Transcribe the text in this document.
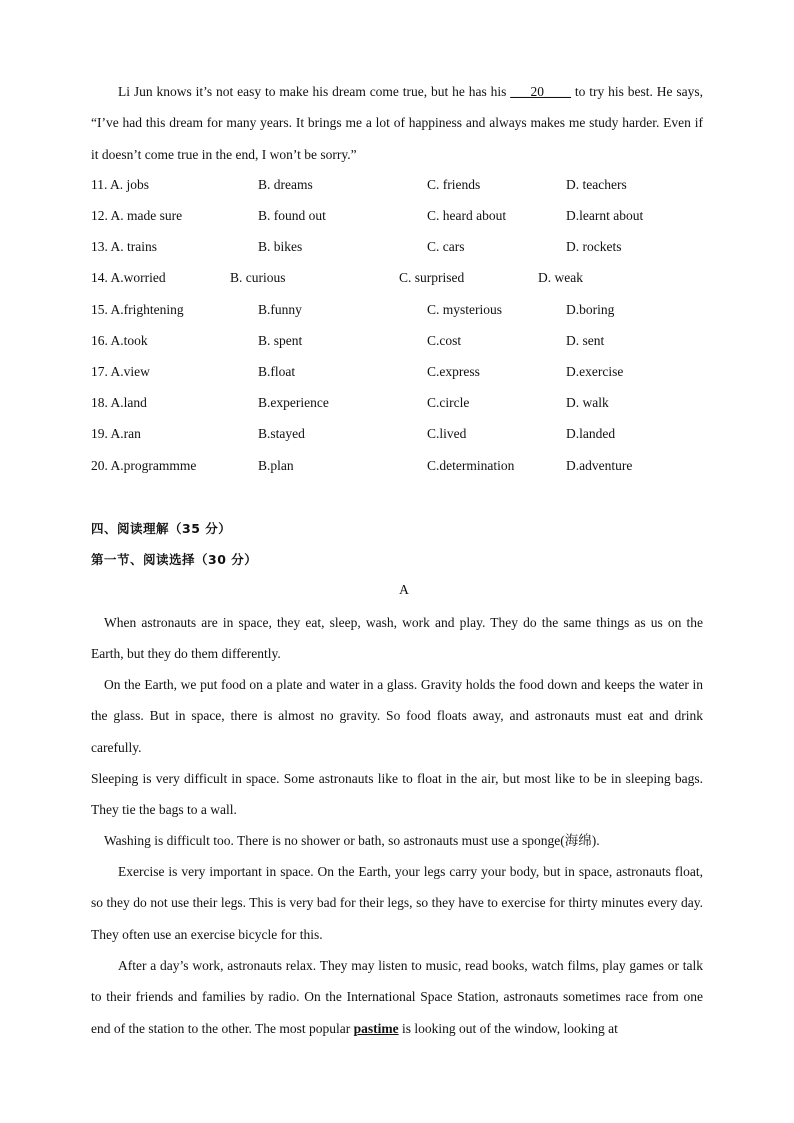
Li Jun knows it’s not easy to make his dream come true, but he has his ___20____ to try his best. He says, “I’ve had this dream for many years. It brings me a lot of happiness and always makes me study harder. Even if it doesn’t come true in the end, I won’t be sorry.”

11. A. jobs	B. dreams	C. friends	D. teachers
12. A. made sure	B. found out	C. heard about	D.learnt about
13. A. trains	B. bikes	C. cars	D. rockets
14. A.worried	B. curious	C. surprised	D. weak
15. A.frightening	B.funny	C. mysterious	D.boring
16. A.took	B. spent	C.cost	D. sent
17. A.view	B.float	C.express	D.exercise
18. A.land	B.experience	C.circle	D. walk
19. A.ran	B.stayed	C.lived	D.landed
20. A.programmme	B.plan	C.determination	D.adventure
四、阅读理解（35 分）
第一节、阅读选择（30 分）
A

When astronauts are in space, they eat, sleep, wash, work and play. They do the same things as us on the Earth, but they do them differently.

On the Earth, we put food on a plate and water in a glass. Gravity holds the food down and keeps the water in the glass. But in space, there is almost no gravity. So food floats away, and astronauts must eat and drink carefully.

Sleeping is very difficult in space. Some astronauts like to float in the air, but most like to be in sleeping bags. They tie the bags to a wall.

Washing is difficult too. There is no shower or bath, so astronauts must use a sponge(海绵).

Exercise is very important in space. On the Earth, your legs carry your body, but in space, astronauts float, so they do not use their legs. This is very bad for their legs, so they have to exercise for thirty minutes every day. They often use an exercise bicycle for this.

After a day’s work, astronauts relax. They may listen to music, read books, watch films, play games or talk to their friends and families by radio. On the International Space Station, astronauts sometimes race from one end of the station to the other. The most popular pastime is looking out of the window, looking at
